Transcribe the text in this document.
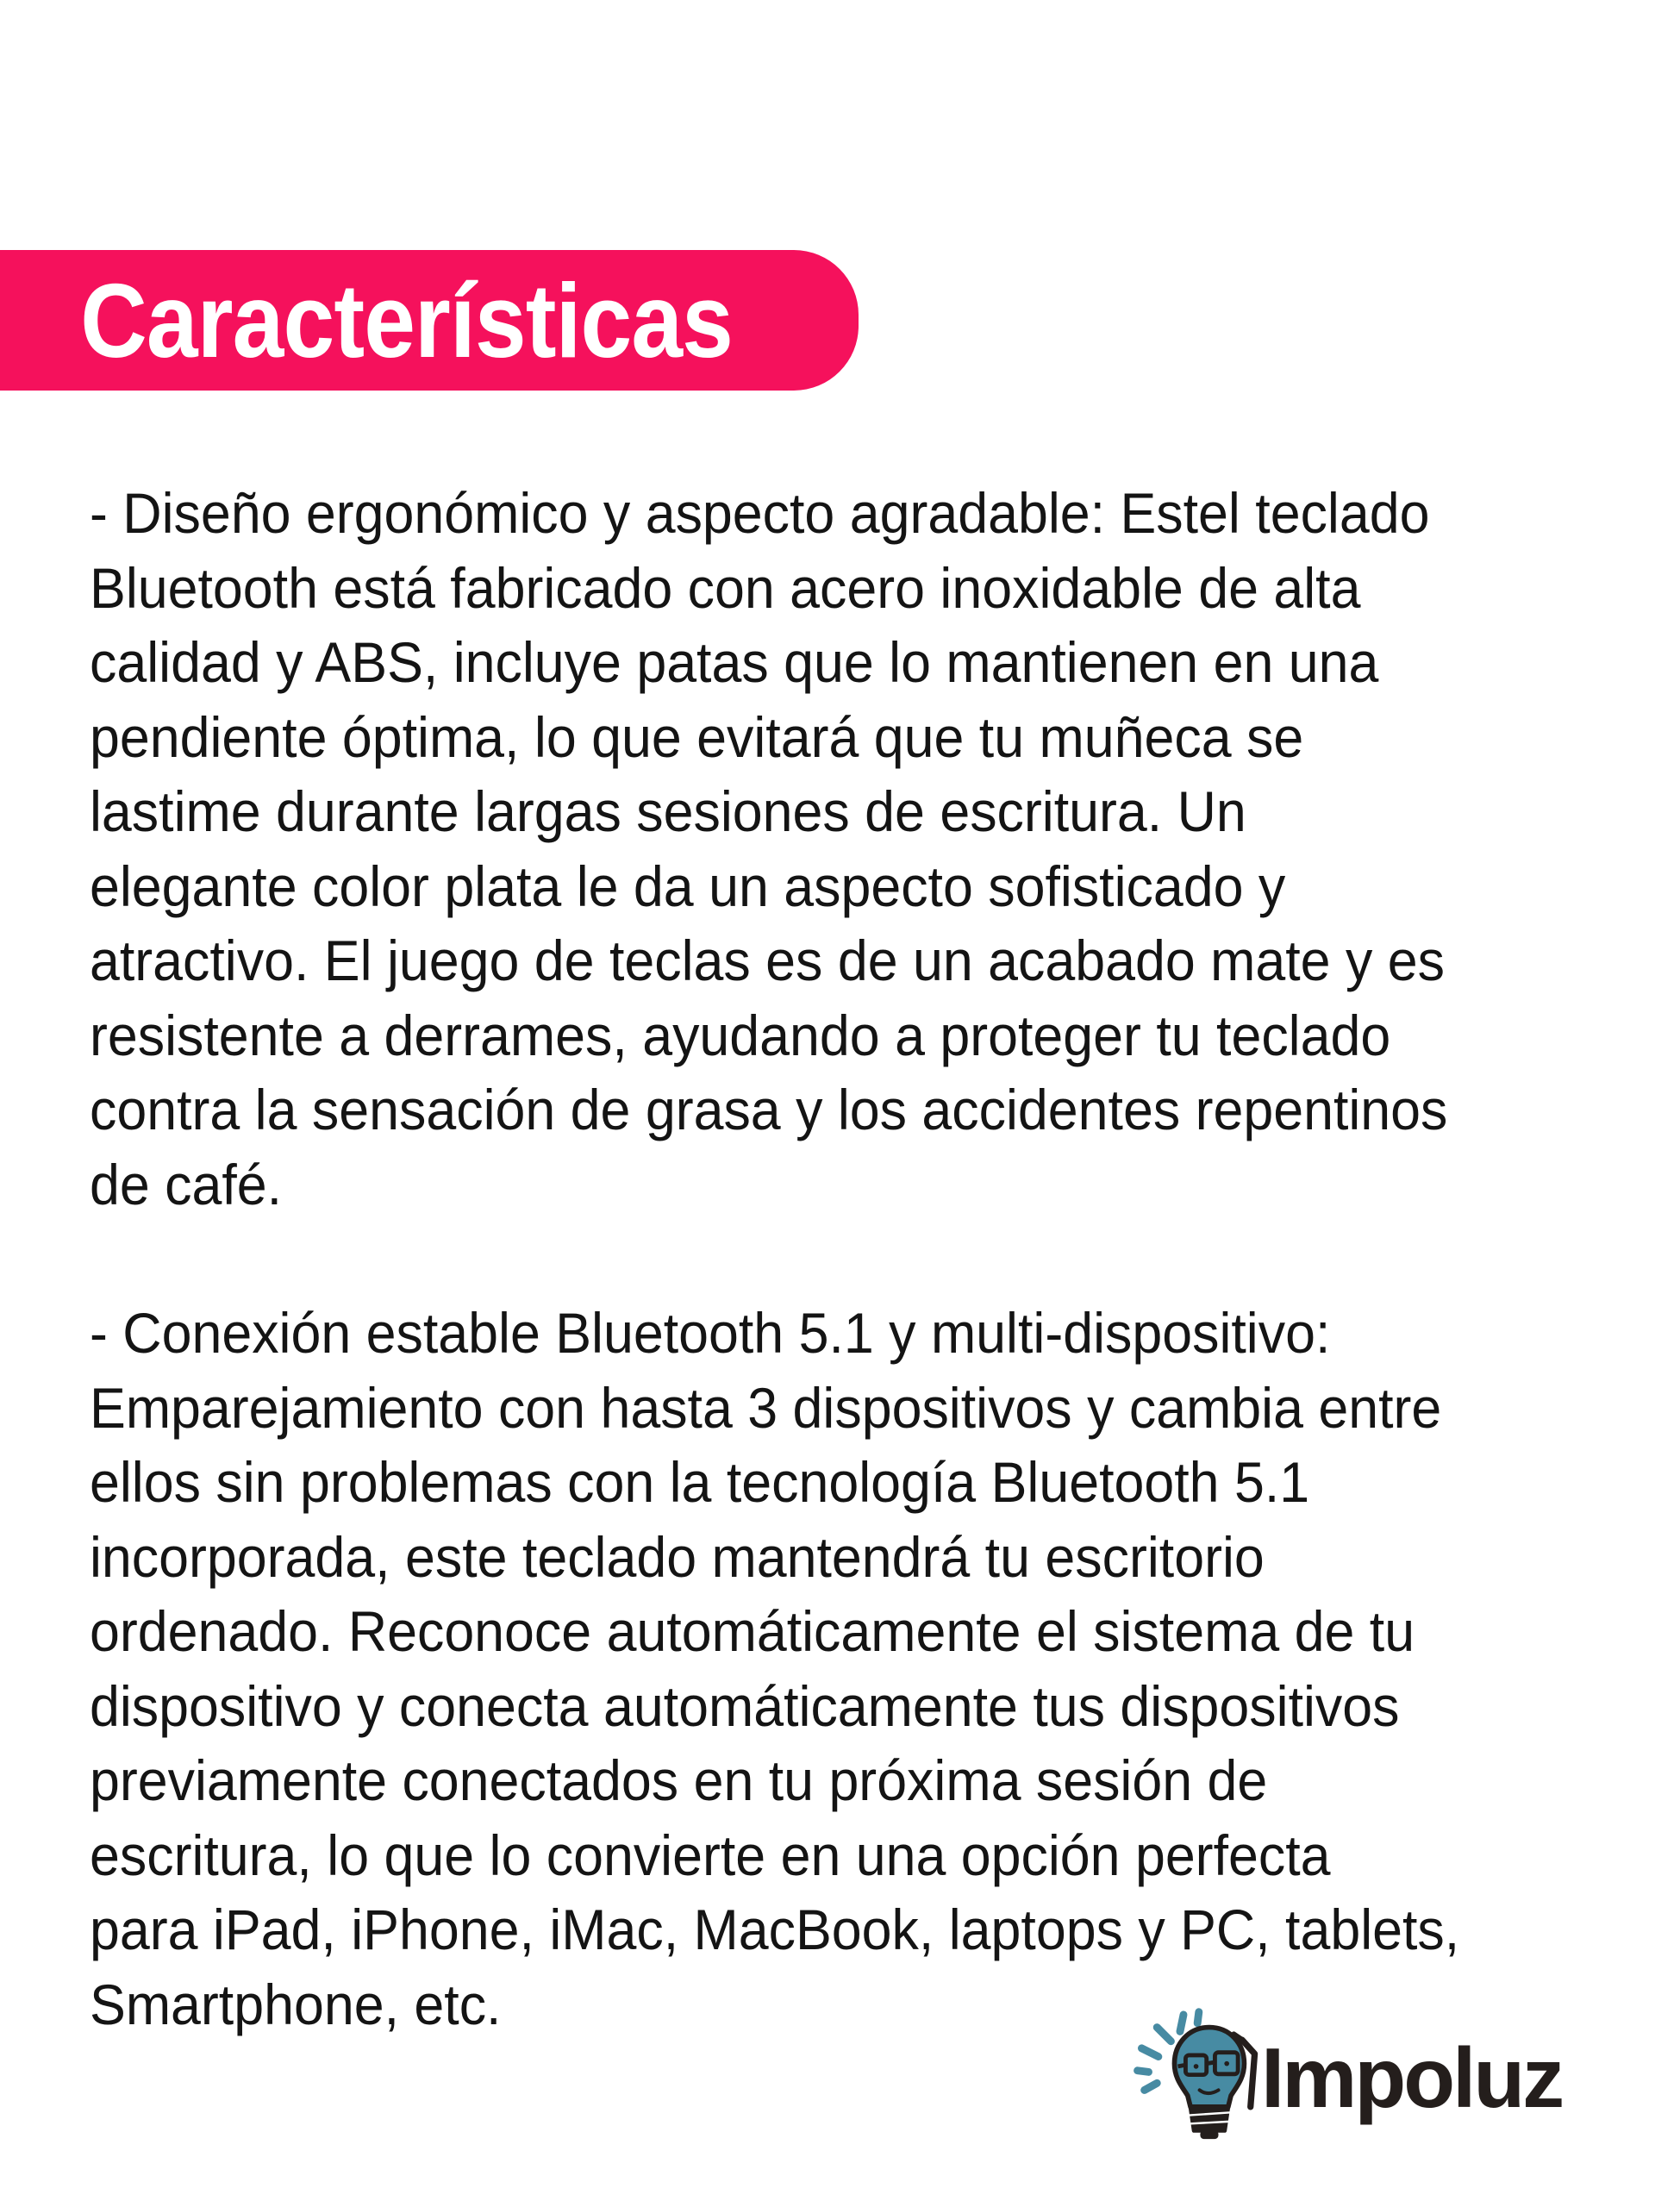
Características
- Diseño ergonómico y aspecto agradable: Estel teclado
Bluetooth está fabricado con acero inoxidable de alta
calidad y ABS, incluye patas que lo mantienen en una
pendiente óptima, lo que evitará que tu muñeca se
lastime durante largas sesiones de escritura. Un
elegante color plata le da un aspecto sofisticado y
atractivo. El juego de teclas es de un acabado mate y es
resistente a derrames, ayudando a proteger tu teclado
contra la sensación de grasa y los accidentes repentinos
de café.
- Conexión estable Bluetooth 5.1 y multi-dispositivo:
Emparejamiento con hasta 3 dispositivos y cambia entre
ellos sin problemas con la tecnología Bluetooth 5.1
incorporada, este teclado mantendrá tu escritorio
ordenado. Reconoce automáticamente el sistema de tu
dispositivo y conecta automáticamente tus dispositivos
previamente conectados en tu próxima sesión de
escritura, lo que lo convierte en una opción perfecta
para iPad, iPhone, iMac, MacBook, laptops y PC, tablets,
Smartphone, etc.
Impoluz
